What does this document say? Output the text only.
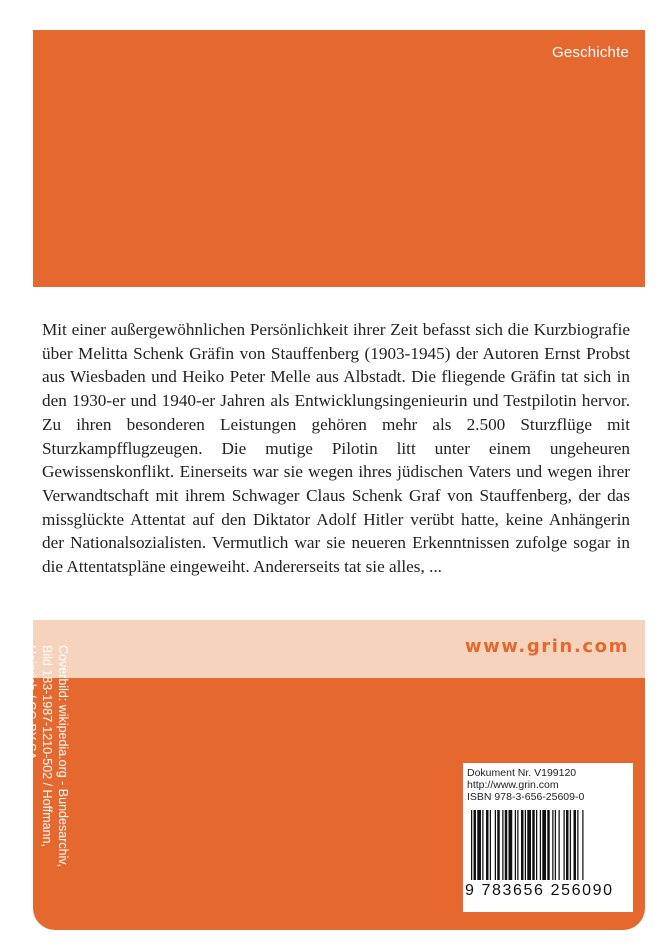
Geschichte

Mit einer außergewöhnlichen Persönlichkeit ihrer Zeit befasst sich die Kurzbiografie über Melitta Schenk Gräfin von Stauffenberg (1903-1945) der Autoren Ernst Probst aus Wiesbaden und Heiko Peter Melle aus Albstadt. Die fliegende Gräfin tat sich in den 1930-er und 1940-er Jahren als Entwicklungsingenieurin und Testpilotin hervor. Zu ihren besonderen Leistungen gehören mehr als 2.500 Sturzflüge mit Sturzkampfflugzeugen. Die mutige Pilotin litt unter einem ungeheuren Gewissenskonflikt. Einerseits war sie wegen ihres jüdischen Vaters und wegen ihrer Verwandtschaft mit ihrem Schwager Claus Schenk Graf von Stauffenberg, der das missglückte Attentat auf den Diktator Adolf Hitler verübt hatte, keine Anhängerin der Nationalsozialisten. Vermutlich war sie neueren Erkenntnissen zufolge sogar in die Attentatspläne eingeweiht. Andererseits tat sie alles, ...

www.grin.com
Coverbild: wikipedia.org - Bundesarchiv, Bild 183-1987-1210-502 / Hoffmann, Heinrich / CC-BY-SA
Dokument Nr. V199120
http://www.grin.com
ISBN 978-3-656-25609-0
9 783656 256090
